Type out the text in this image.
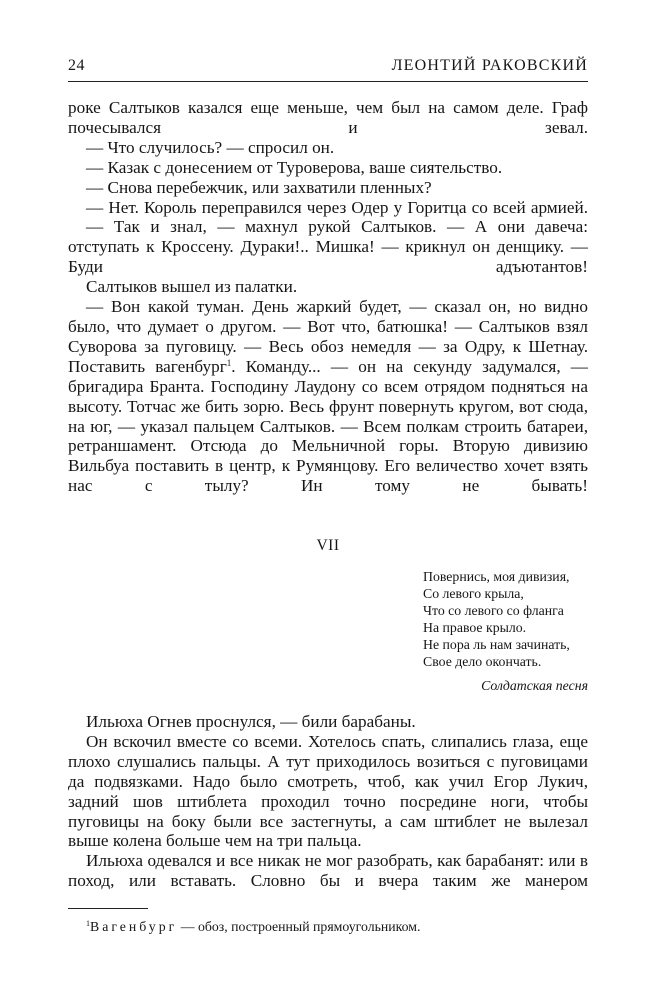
24	ЛЕОНТИЙ РАКОВСКИЙ

роке Салтыков казался еще меньше, чем был на самом деле. Граф почесывался и зевал.

— Что случилось? — спросил он.

— Казак с донесением от Туроверова, ваше сиятельство.

— Снова перебежчик, или захватили пленных?

— Нет. Король переправился через Одер у Горитца со всей армией.

— Так и знал, — махнул рукой Салтыков. — А они давеча: отступать к Кроссену. Дураки!.. Мишка! — крикнул он денщику. — Буди адъютантов!

Салтыков вышел из палатки.

— Вон какой туман. День жаркий будет, — сказал он, но видно было, что думает о другом. — Вот что, батюшка! — Салтыков взял Суворова за пуговицу. — Весь обоз немедля — за Одру, к Шетнау. Поставить вагенбург$^1$. Команду... — он на секунду задумался, — бригадира Бранта. Господину Лаудону со всем отрядом подняться на высоту. Тотчас же бить зорю. Весь фрунт повернуть кругом, вот сюда, на юг, — указал пальцем Салтыков. — Всем полкам строить батареи, ретраншамент. Отсюда до Мельничной горы. Вторую дивизию Вильбуа поставить в центр, к Румянцову. Его величество хочет взять нас с тылу? Ин тому не бывать!

VII
Повернись, моя дивизия,
Со левого крыла,
Что со левого со фланга
На правое крыло.
Не пора ль нам зачинать,
Свое дело окончать.
Солдатская песня

Ильюха Огнев проснулся, — били барабаны.

Он вскочил вместе со всеми. Хотелось спать, слипались глаза, еще плохо слушались пальцы. А тут приходилось возиться с пуговицами да подвязками. Надо было смотреть, чтоб, как учил Егор Лукич, задний шов штиблета проходил точно посредине ноги, чтобы пуговицы на боку были все застегнуты, а сам штиблет не вылезал выше колена больше чем на три пальца.

Ильюха одевался и все никак не мог разобрать, как барабанят: или в поход, или вставать. Словно бы и вчера таким же манером

$^1$Вагенбург — обоз, построенный прямоугольником.
